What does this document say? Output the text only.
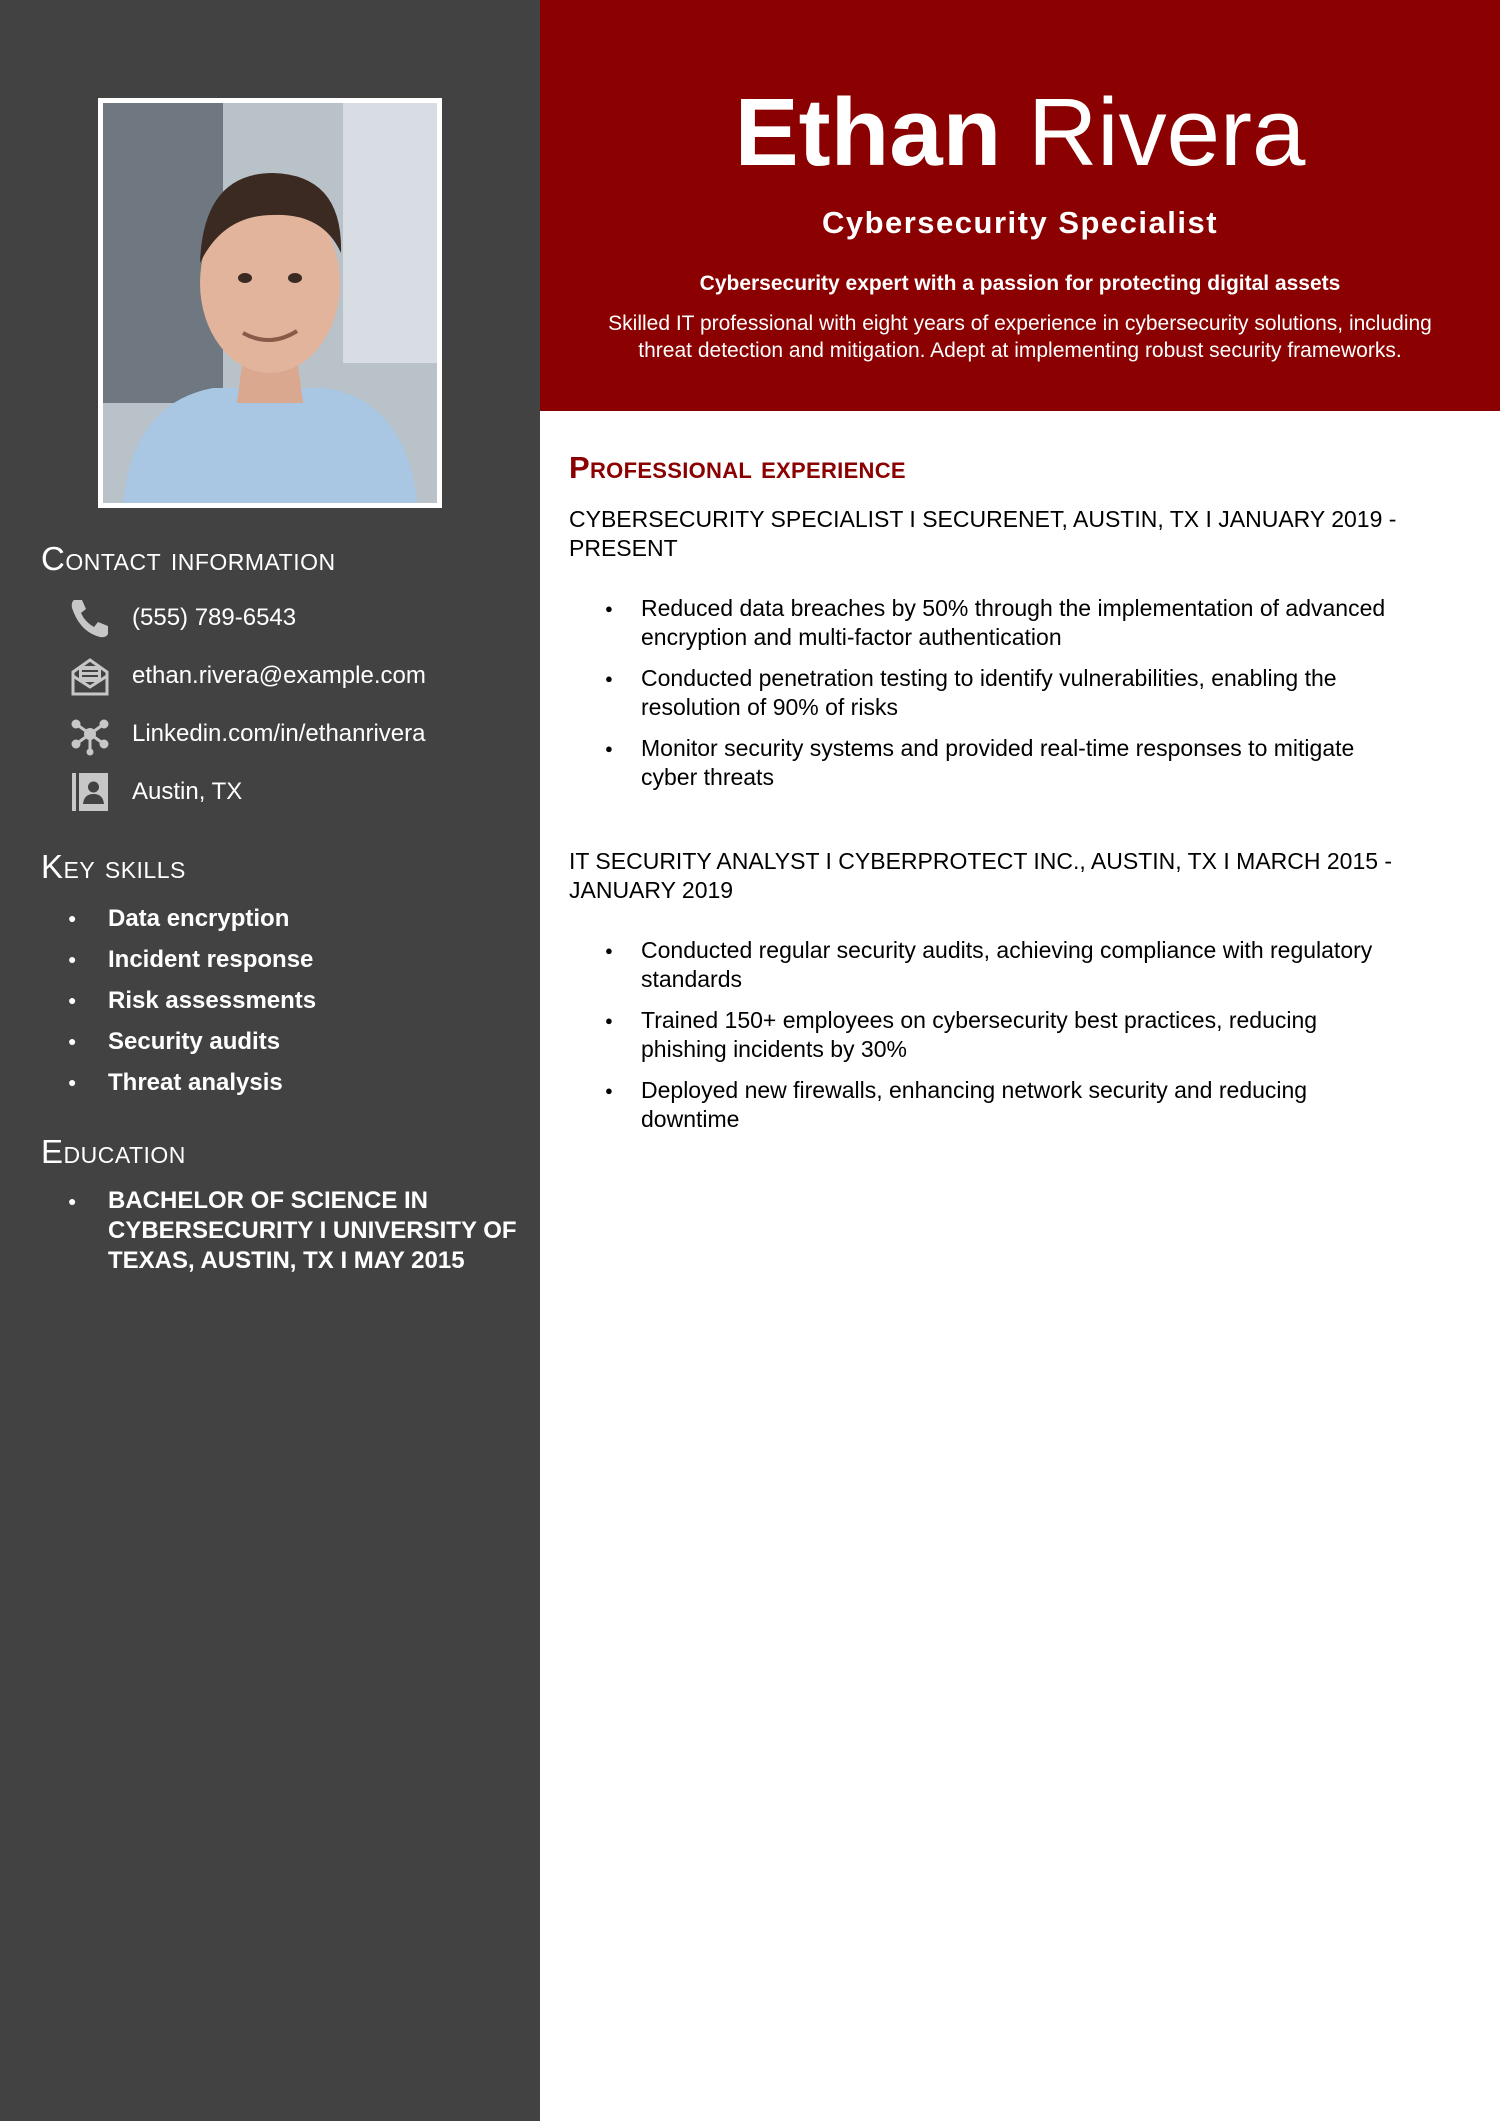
Contact information
(555) 789-6543
ethan.rivera@example.com
Linkedin.com/in/ethanrivera
Austin, TX
Key skills
● Data encryption
● Incident response
● Risk assessments
● Security audits
● Threat analysis
Education
● BACHELOR OF SCIENCE IN CYBERSECURITY I UNIVERSITY OF TEXAS, AUSTIN, TX I MAY 2015
Ethan Rivera
Cybersecurity Specialist
Cybersecurity expert with a passion for protecting digital assets
Skilled IT professional with eight years of experience in cybersecurity solutions, including threat detection and mitigation. Adept at implementing robust security frameworks.
Professional experience
CYBERSECURITY SPECIALIST I SECURENET, AUSTIN, TX I JANUARY 2019 - PRESENT
● Reduced data breaches by 50% through the implementation of advanced encryption and multi-factor authentication
● Conducted penetration testing to identify vulnerabilities, enabling the resolution of 90% of risks
● Monitor security systems and provided real-time responses to mitigate cyber threats
IT SECURITY ANALYST I CYBERPROTECT INC., AUSTIN, TX I MARCH 2015 - JANUARY 2019
● Conducted regular security audits, achieving compliance with regulatory standards
● Trained 150+ employees on cybersecurity best practices, reducing phishing incidents by 30%
● Deployed new firewalls, enhancing network security and reducing downtime
